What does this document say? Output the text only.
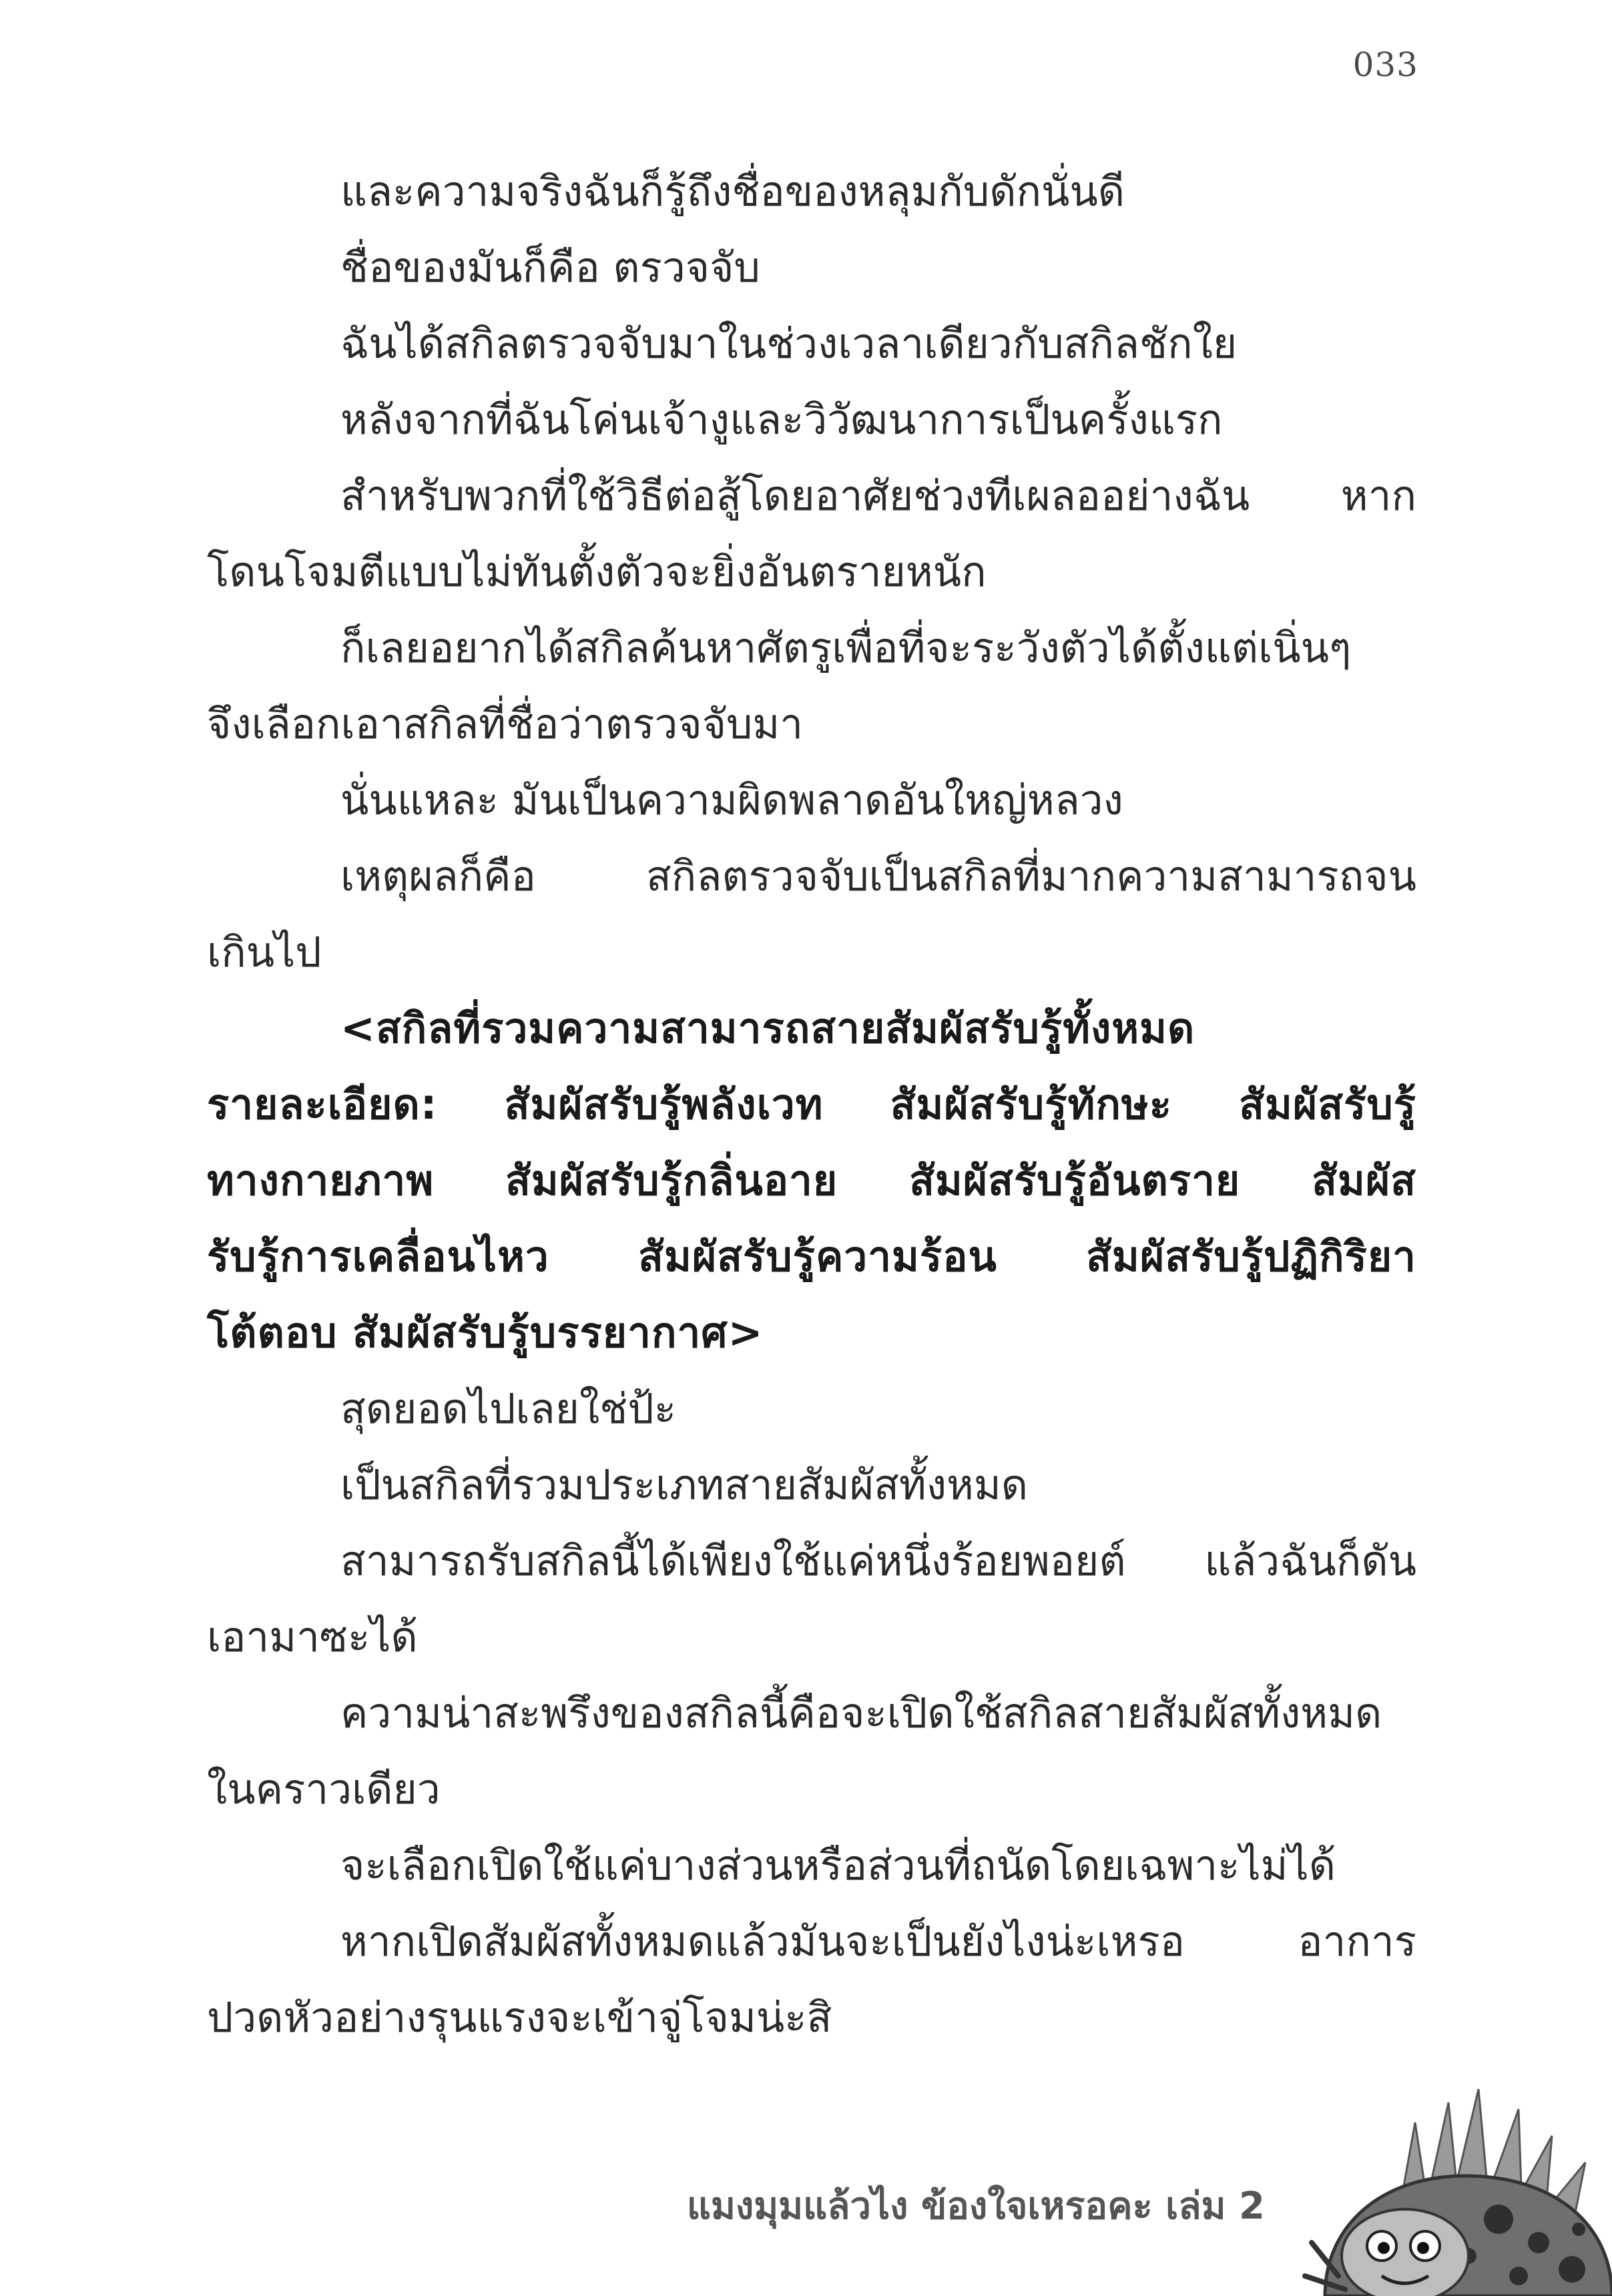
033
และความจริงฉันก็รู้ถึงชื่อของหลุมกับดักนั่นดี
ชื่อของมันก็คือ ตรวจจับ
ฉันได้สกิลตรวจจับมาในช่วงเวลาเดียวกับสกิลชักใย
หลังจากที่ฉันโค่นเจ้างูและวิวัฒนาการเป็นครั้งแรก
สำหรับพวกที่ใช้วิธีต่อสู้โดยอาศัยช่วงทีเผลออย่างฉัน หาก
โดนโจมตีแบบไม่ทันตั้งตัวจะยิ่งอันตรายหนัก
ก็เลยอยากได้สกิลค้นหาศัตรูเพื่อที่จะระวังตัวได้ตั้งแต่เนิ่นๆ
จึงเลือกเอาสกิลที่ชื่อว่าตรวจจับมา
นั่นแหละ มันเป็นความผิดพลาดอันใหญ่หลวง
เหตุผลก็คือ สกิลตรวจจับเป็นสกิลที่มากความสามารถจน
เกินไป
<สกิลที่รวมความสามารถสายสัมผัสรับรู้ทั้งหมด
รายละเอียด: สัมผัสรับรู้พลังเวท สัมผัสรับรู้ทักษะ สัมผัสรับรู้
ทางกายภาพ สัมผัสรับรู้กลิ่นอาย สัมผัสรับรู้อันตราย สัมผัส
รับรู้การเคลื่อนไหว สัมผัสรับรู้ความร้อน สัมผัสรับรู้ปฏิกิริยา
โต้ตอบ สัมผัสรับรู้บรรยากาศ>
สุดยอดไปเลยใช่ป้ะ
เป็นสกิลที่รวมประเภทสายสัมผัสทั้งหมด
สามารถรับสกิลนี้ได้เพียงใช้แค่หนึ่งร้อยพอยต์ แล้วฉันก็ดัน
เอามาซะได้
ความน่าสะพรึงของสกิลนี้คือจะเปิดใช้สกิลสายสัมผัสทั้งหมด
ในคราวเดียว
จะเลือกเปิดใช้แค่บางส่วนหรือส่วนที่ถนัดโดยเฉพาะไม่ได้
หากเปิดสัมผัสทั้งหมดแล้วมันจะเป็นยังไงน่ะเหรอ อาการ
ปวดหัวอย่างรุนแรงจะเข้าจู่โจมน่ะสิ
แมงมุมแล้วไง ข้องใจเหรอคะ เล่ม 2
